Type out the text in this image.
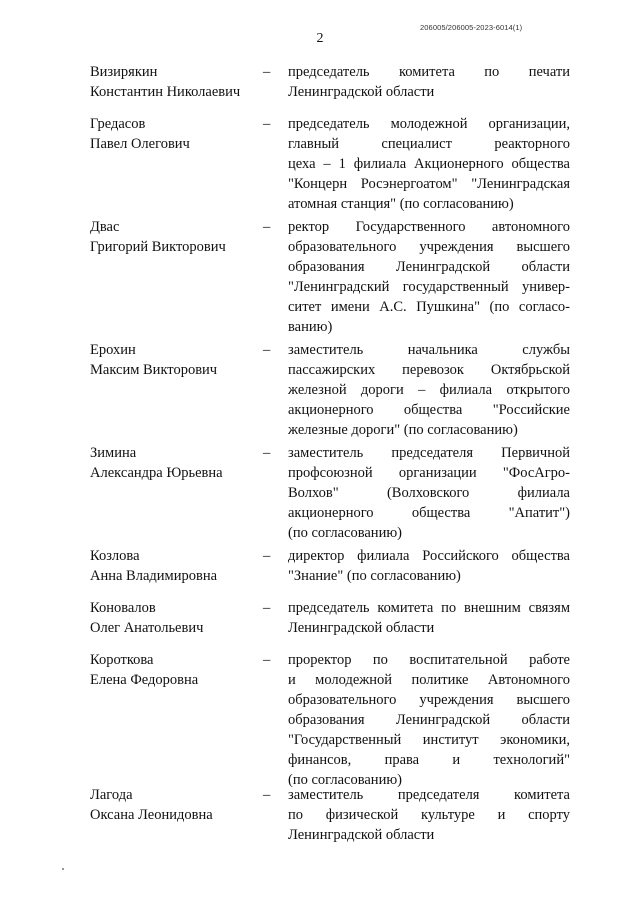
206005/206005-2023-6014(1)
2
Визирякин
Константин Николаевич
– председатель комитета по печати
Ленинградской области
Гредасов
Павел Олегович
– председатель молодежной организации,
главный специалист реакторного
цеха – 1 филиала Акционерного общества
"Концерн Росэнергоатом" "Ленинградская
атомная станция" (по согласованию)
Двас
Григорий Викторович
– ректор Государственного автономного
образовательного учреждения высшего
образования Ленинградской области
"Ленинградский государственный универ-
ситет имени А.С. Пушкина" (по согласо-
ванию)
Ерохин
Максим Викторович
– заместитель начальника службы
пассажирских перевозок Октябрьской
железной дороги – филиала открытого
акционерного общества "Российские
железные дороги" (по согласованию)
Зимина
Александра Юрьевна
– заместитель председателя Первичной
профсоюзной организации "ФосАгро-
Волхов" (Волховского филиала
акционерного общества "Апатит")
(по согласованию)
Козлова
Анна Владимировна
– директор филиала Российского общества
"Знание" (по согласованию)
Коновалов
Олег Анатольевич
– председатель комитета по внешним связям
Ленинградской области
Короткова
Елена Федоровна
– проректор по воспитательной работе
и молодежной политике Автономного
образовательного учреждения высшего
образования Ленинградской области
"Государственный институт экономики,
финансов, права и технологий"
(по согласованию)
Лагода
Оксана Леонидовна
– заместитель председателя комитета
по физической культуре и спорту
Ленинградской области
